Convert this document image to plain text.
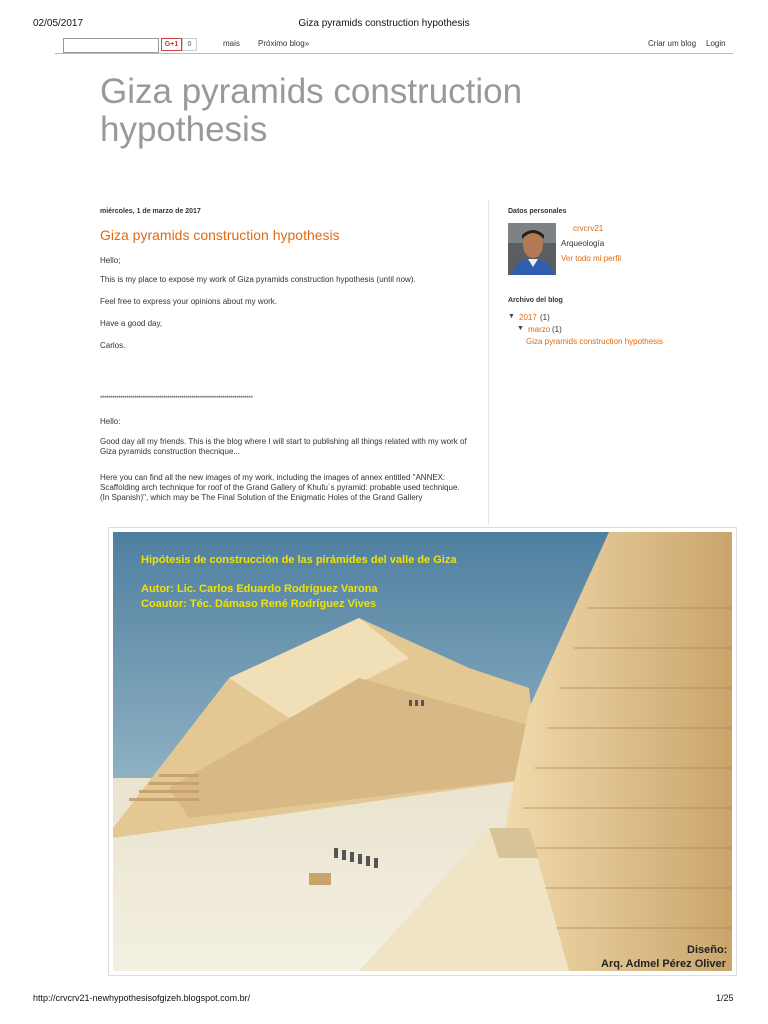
02/05/2017	Giza pyramids construction hypothesis
G+1	0	mais Próximo blog»	Criar um blog Login
Giza pyramids construction hypothesis
miércoles, 1 de marzo de 2017
Giza pyramids construction hypothesis
Hello;
This is my place to expose my work of Giza pyramids construction hypothesis (until now).
Feel free to express your opinions about my work.
Have a good day,
Carlos.
***************************************************************************
Hello:
Good day all my friends. This is the blog where I will start to publishing all things related with my work of Giza pyramids construction thecnique...
Here you can find all the new images of my work, including the images of annex entitled "ANNEX: Scaffolding arch technique for roof of the Grand Gallery of Khufu´s pyramid: probable used technique. (In Spanish)", which may be The Final Solution of the Enigmatic Holes of the Grand Gallery
Datos personales
crvcrv21
Arqueología
Ver todo mi perfil
Archivo del blog
▼ 2017 (1)
▼ marzo (1)
Giza pyramids construction hypothesis
Hipótesis de construcción de las pirámides del valle de Giza
Autor: Lic. Carlos Eduardo Rodríguez Varona
Coautor: Téc. Dámaso René Rodríguez Vives
Diseño:
Arq. Admel Pérez Oliver
http://crvcrv21-newhypothesisofgizeh.blogspot.com.br/	1/25
